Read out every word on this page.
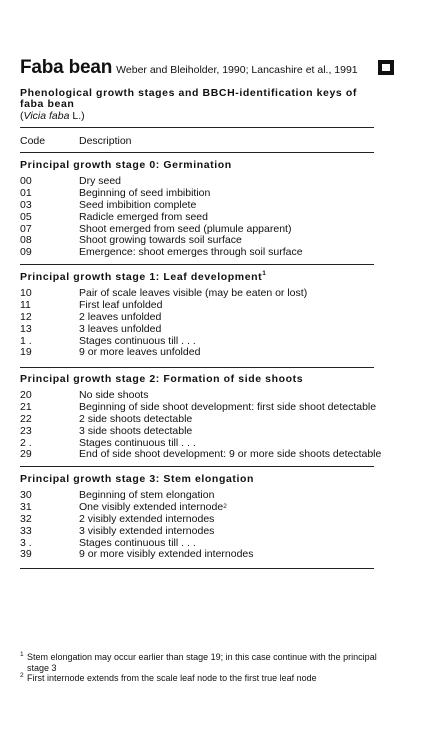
Faba bean Weber and Bleiholder, 1990; Lancashire et al., 1991
Phenological growth stages and BBCH-identification keys of faba bean
(Vicia faba L.)
Code	Description
Principal growth stage 0: Germination
00	Dry seed
01	Beginning of seed imbibition
03	Seed imbibition complete
05	Radicle emerged from seed
07	Shoot emerged from seed (plumule apparent)
08	Shoot growing towards soil surface
09	Emergence: shoot emerges through soil surface
Principal growth stage 1: Leaf development$^1$
10	Pair of scale leaves visible (may be eaten or lost)
11	First leaf unfolded
12	2 leaves unfolded
13	3 leaves unfolded
1 .	Stages continuous till . . .
19	9 or more leaves unfolded
Principal growth stage 2: Formation of side shoots
20	No side shoots
21	Beginning of side shoot development: first side shoot detectable
22	2 side shoots detectable
23	3 side shoots detectable
2 .	Stages continuous till . . .
29	End of side shoot development: 9 or more side shoots detectable
Principal growth stage 3: Stem elongation
30	Beginning of stem elongation
31	One visibly extended internode$^2$
32	2 visibly extended internodes
33	3 visibly extended internodes
3 .	Stages continuous till . . .
39	9 or more visibly extended internodes
1 Stem elongation may occur earlier than stage 19; in this case continue with the principal stage 3
2 First internode extends from the scale leaf node to the first true leaf node
